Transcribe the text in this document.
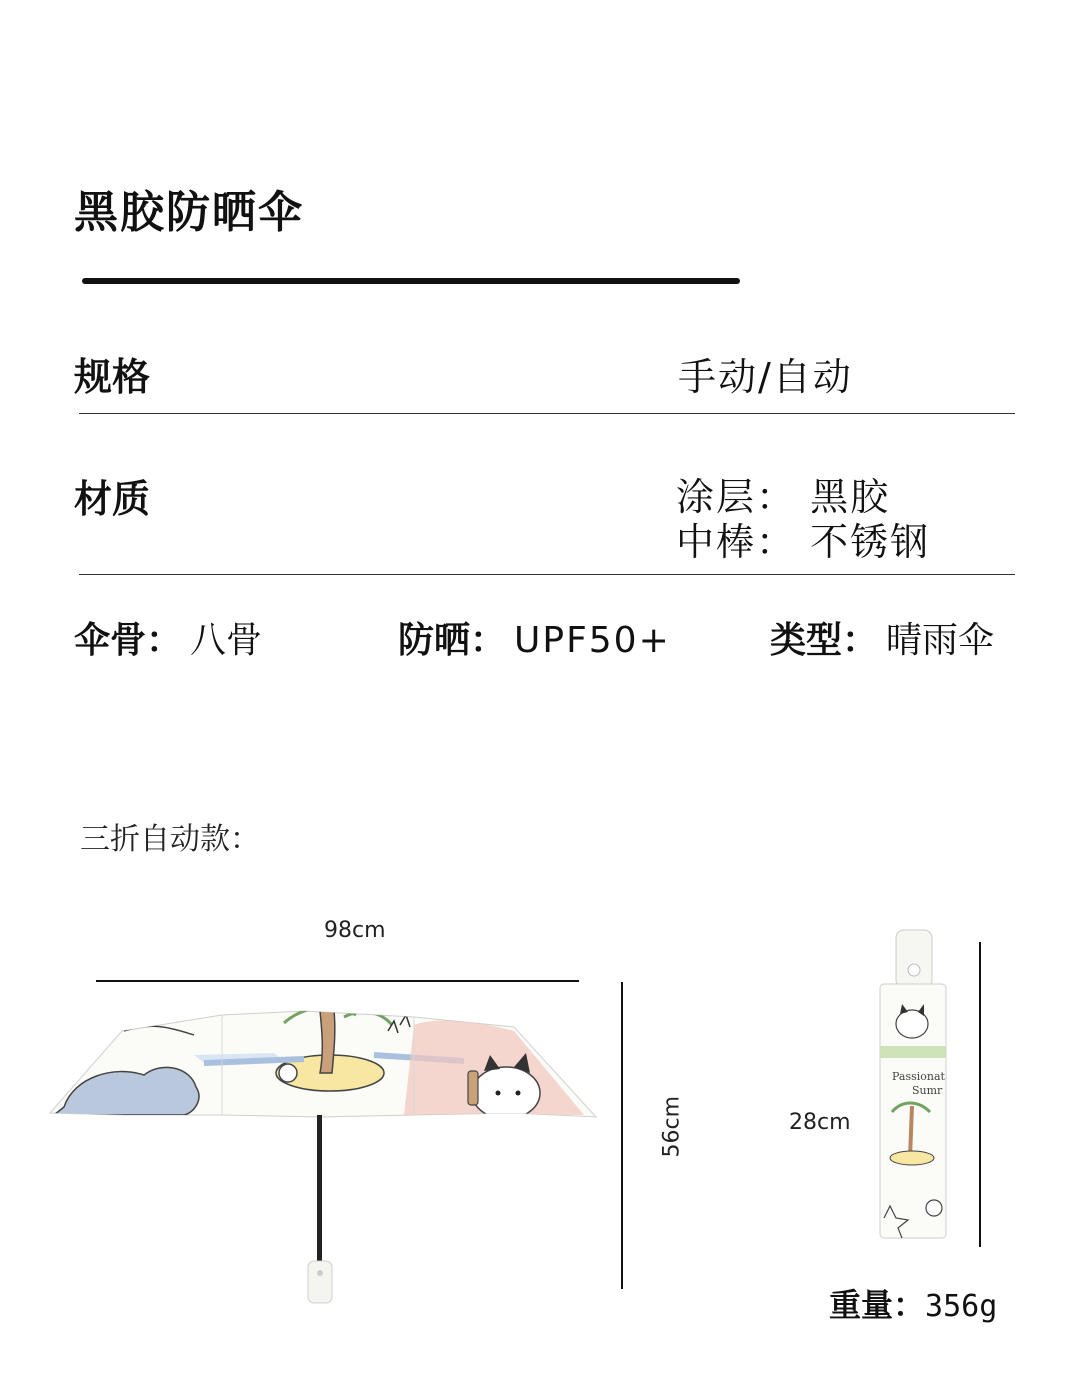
黑胶防晒伞
规格	手动/自动
材质	涂层： 黑胶
中棒： 不锈钢
伞骨： 八骨	防晒： UPF50+	类型： 晴雨伞
三折自动款：
98cm
56cm
Passionat
Sumr
28cm
重量：356g
